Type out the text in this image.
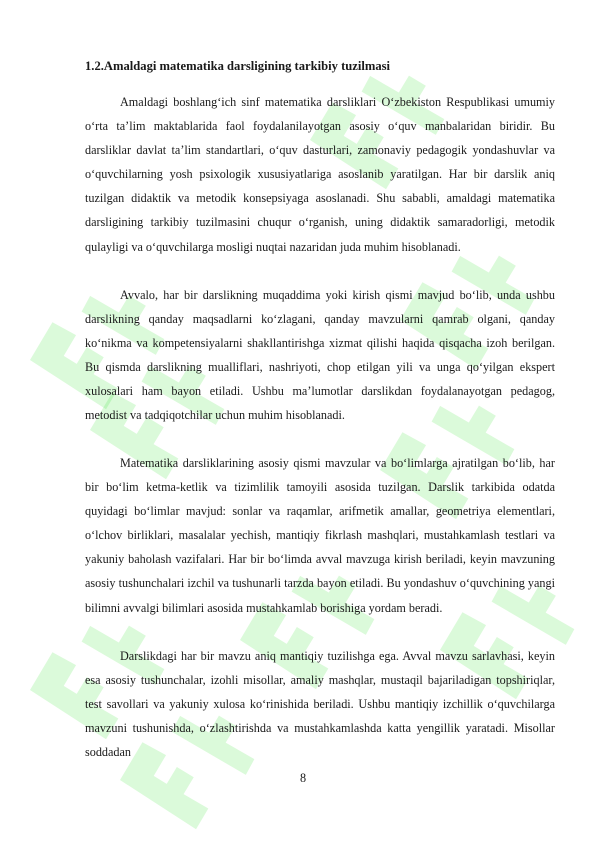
1.2.Amaldagi matematika darsligining tarkibiy tuzilmasi

Amaldagi boshlang‘ich sinf matematika darsliklari O‘zbekiston Respublikasi umumiy o‘rta ta’lim maktablarida faol foydalanilayotgan asosiy o‘quv manbalaridan biridir. Bu darsliklar davlat ta’lim standartlari, o‘quv dasturlari, zamonaviy pedagogik yondashuvlar va o‘quvchilarning yosh psixologik xususiyatlariga asoslanib yaratilgan. Har bir darslik aniq tuzilgan didaktik va metodik konsepsiyaga asoslanadi. Shu sababli, amaldagi matematika darsligining tarkibiy tuzilmasini chuqur o‘rganish, uning didaktik samaradorligi, metodik qulayligi va o‘quvchilarga mosligi nuqtai nazaridan juda muhim hisoblanadi.

Avvalo, har bir darslikning muqaddima yoki kirish qismi mavjud bo‘lib, unda ushbu darslikning qanday maqsadlarni ko‘zlagani, qanday mavzularni qamrab olgani, qanday ko‘nikma va kompetensiyalarni shakllantirishga xizmat qilishi haqida qisqacha izoh berilgan. Bu qismda darslikning mualliflari, nashriyoti, chop etilgan yili va unga qo‘yilgan ekspert xulosalari ham bayon etiladi. Ushbu ma’lumotlar darslikdan foydalanayotgan pedagog, metodist va tadqiqotchilar uchun muhim hisoblanadi.

Matematika darsliklarining asosiy qismi mavzular va bo‘limlarga ajratilgan bo‘lib, har bir bo‘lim ketma-ketlik va tizimlilik tamoyili asosida tuzilgan. Darslik tarkibida odatda quyidagi bo‘limlar mavjud: sonlar va raqamlar, arifmetik amallar, geometriya elementlari, o‘lchov birliklari, masalalar yechish, mantiqiy fikrlash mashqlari, mustahkamlash testlari va yakuniy baholash vazifalari. Har bir bo‘limda avval mavzuga kirish beriladi, keyin mavzuning asosiy tushunchalari izchil va tushunarli tarzda bayon etiladi. Bu yondashuv o‘quvchining yangi bilimni avvalgi bilimlari asosida mustahkamlab borishiga yordam beradi.

Darslikdagi har bir mavzu aniq mantiqiy tuzilishga ega. Avval mavzu sarlavhasi, keyin esa asosiy tushunchalar, izohli misollar, amaliy mashqlar, mustaqil bajariladigan topshiriqlar, test savollari va yakuniy xulosa ko‘rinishida beriladi. Ushbu mantiqiy izchillik o‘quvchilarga mavzuni tushunishda, o‘zlashtirishda va mustahkamlashda katta yengillik yaratadi. Misollar soddadan

8
